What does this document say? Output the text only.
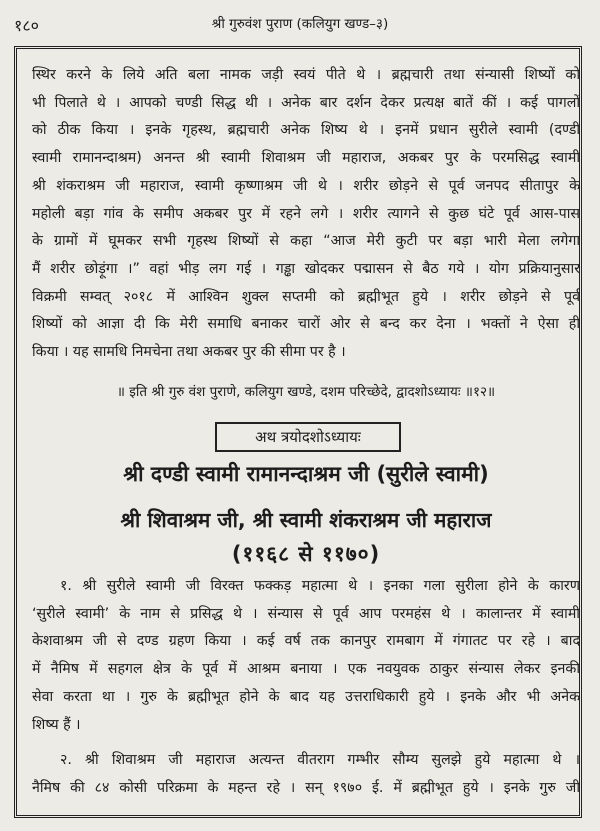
१८०	श्री गुरुवंश पुराण (कलियुग खण्ड–३)
स्थिर करने के लिये अति बला नामक जड़ी स्वयं पीते थे । ब्रह्मचारी तथा संन्यासी शिष्यों को
भी पिलाते थे । आपको चण्डी सिद्ध थी । अनेक बार दर्शन देकर प्रत्यक्ष बातें कीं । कई पागलों
को ठीक किया । इनके गृहस्थ, ब्रह्मचारी अनेक शिष्य थे । इनमें प्रधान सुरीले स्वामी (दण्डी
स्वामी रामानन्दाश्रम) अनन्त श्री स्वामी शिवाश्रम जी महाराज, अकबर पुर के परमसिद्ध स्वामी
श्री शंकराश्रम जी महाराज, स्वामी कृष्णाश्रम जी थे । शरीर छोड़ने से पूर्व जनपद सीतापुर के
महोली बड़ा गांव के समीप अकबर पुर में रहने लगे । शरीर त्यागने से कुछ घंटे पूर्व आस-पास
के ग्रामों में घूमकर सभी गृहस्थ शिष्यों से कहा “आज मेरी कुटी पर बड़ा भारी मेला लगेगा
मैं शरीर छोड़ूंगा ।” वहां भीड़ लग गई । गड्ढा खोदकर पद्मासन से बैठ गये । योग प्रक्रियानुसार
विक्रमी सम्वत् २०१८ में आश्विन शुक्ल सप्तमी को ब्रह्मीभूत हुये । शरीर छोड़ने से पूर्व
शिष्यों को आज्ञा दी कि मेरी समाधि बनाकर चारों ओर से बन्द कर देना । भक्तों ने ऐसा ही
किया । यह सामधि निमचेना तथा अकबर पुर की सीमा पर है ।
॥ इति श्री गुरु वंश पुराणे, कलियुग खण्डे, दशम परिच्छेदे, द्वादशोऽध्यायः ॥१२॥
अथ त्रयोदशोऽध्यायः
श्री दण्डी स्वामी रामानन्दाश्रम जी (सुरीले स्वामी)
श्री शिवाश्रम जी, श्री स्वामी शंकराश्रम जी महाराज
(११६८ से ११७०)
१. श्री सुरीले स्वामी जी विरक्त फक्कड़ महात्मा थे । इनका गला सुरीला होने के कारण
‘सुरीले स्वामी’ के नाम से प्रसिद्ध थे । संन्यास से पूर्व आप परमहंस थे । कालान्तर में स्वामी
केशवाश्रम जी से दण्ड ग्रहण किया । कई वर्ष तक कानपुर रामबाग में गंगातट पर रहे । बाद
में नैमिष में सहगल क्षेत्र के पूर्व में आश्रम बनाया । एक नवयुवक ठाकुर संन्यास लेकर इनकी
सेवा करता था । गुरु के ब्रह्मीभूत होने के बाद यह उत्तराधिकारी हुये । इनके और भी अनेक
शिष्य हैं ।
२. श्री शिवाश्रम जी महाराज अत्यन्त वीतराग गम्भीर सौम्य सुलझे हुये महात्मा थे ।
नैमिष की ८४ कोसी परिक्रमा के महन्त रहे । सन् १९७० ई. में ब्रह्मीभूत हुये । इनके गुरु जी
